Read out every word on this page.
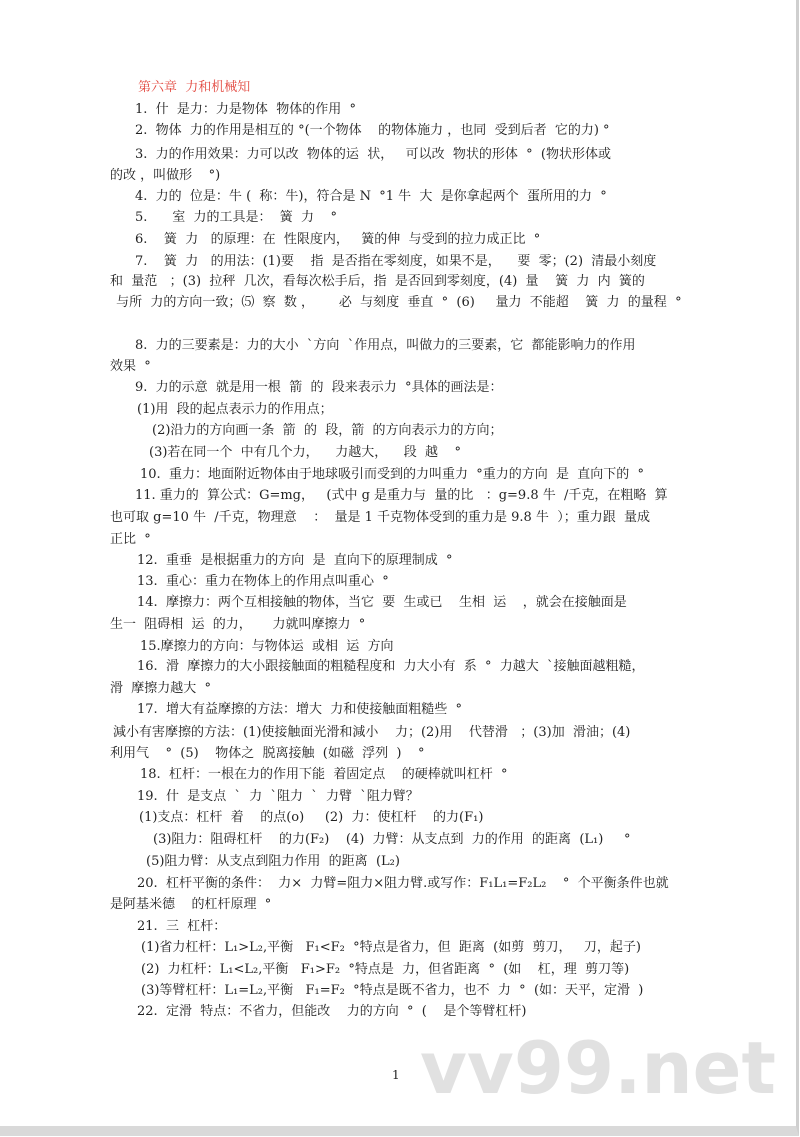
第六章  力和机械知
1.  什  是力：力是物体  物体的作用  °
2.  物体  力的作用是相互的 °(一个物体    的物体施力 ，也同  受到后者  它的力) °
3.  力的作用效果：力可以改  物体的运  状，   可以改  物状的形体  °  (物状形体或
的改 ，叫做形    °)
4.  力的  位是：牛 (  称：牛)，符合是 N  °1 牛  大  是你拿起两个  蛋所用的力  °
5.      室  力的工具是：  簧  力    °
6.    簧  力   的原理：在  性限度内，   簧的伸  与受到的拉力成正比  °
7.    簧  力   的用法：(1)要    指  是否指在零刻度，如果不是，    要  零；(2)  清最小刻度
和  量范   ；(3)  拉秤  几次，看每次松手后，指  是否回到零刻度，(4)  量    簧  力  内  簧的
与所  力的方向一致；⑸  察  数 ，      必  与刻度  垂直  °  (6)     量力  不能超    簧  力  的量程  °
8.  力的三要素是：力的大小  `方向  `作用点，叫做力的三要素，它  都能影响力的作用
效果  °
9.  力的示意  就是用一根  箭  的  段来表示力  °具体的画法是：
(1)用  段的起点表示力的作用点；
(2)沿力的方向画一条  箭  的  段，箭  的方向表示力的方向；
(3)若在同一个  中有几个力，    力越大，    段  越    °
10.  重力：地面附近物体由于地球吸引而受到的力叫重力  °重力的方向  是  直向下的  °
11. 重力的  算公式：G=mg，   (式中 g 是重力与  量的比   ：g=9.8 牛  /千克，在粗略  算
也可取 g=10 牛  /千克，物理意    ：  量是 1 千克物体受到的重力是 9.8 牛  ）；重力跟  量成
正比  °
12.  重垂  是根据重力的方向  是  直向下的原理制成  °
13.  重心：重力在物体上的作用点叫重心  °
14.  摩擦力：两个互相接触的物体，当它  要  生或已    生相  运    ，就会在接触面是
生一  阻碍相  运  的力，     力就叫摩擦力  °
15.摩擦力的方向：与物体运  或相  运  方向
16.  滑  摩擦力的大小跟接触面的粗糙程度和  力大小有  系  °  力越大  `接触面越粗糙，
滑  摩擦力越大  °
17.  增大有益摩擦的方法：增大  力和使接触面粗糙些  °
減小有害摩擦的方法：(1)使接触面光滑和減小    力；(2)用    代替滑   ；(3)加  滑油；(4)
利用气    °  (5)    物体之  脱离接触  (如磁  浮列  )    °
18.  杠杆：一根在力的作用下能  着固定点    的硬棒就叫杠杆  °
19.  什  是支点  `  力  `阻力  `  力臂  `阻力臂？
(1)支点：杠杆  着    的点(o)     (2)  力：使杠杆    的力(F₁)
(3)阻力：阻碍杠杆    的力(F₂)    (4)  力臂：从支点到  力的作用  的距离  (L₁)     °
(5)阻力臂：从支点到阻力作用  的距离  (L₂)
20.  杠杆平衡的条件：  力×  力臂=阻力×阻力臂.或写作：F₁L₁=F₂L₂    °  个平衡条件也就
是阿基米德    的杠杆原理  °
21.  三  杠杆：
(1)省力杠杆：L₁>L₂,平衡   F₁<F₂  °特点是省力，但  距离  (如剪  剪刀，   刀，起子)
(2)  力杠杆：L₁<L₂,平衡   F₁>F₂  °特点是  力，但省距离  °  (如    杠，理  剪刀等)
(3)等臂杠杆：L₁=L₂,平衡   F₁=F₂  °特点是既不省力，也不  力  °  (如：天平，定滑  )
22.  定滑  特点：不省力，但能改    力的方向  °  (    是个等臂杠杆)
vv99.net
1
